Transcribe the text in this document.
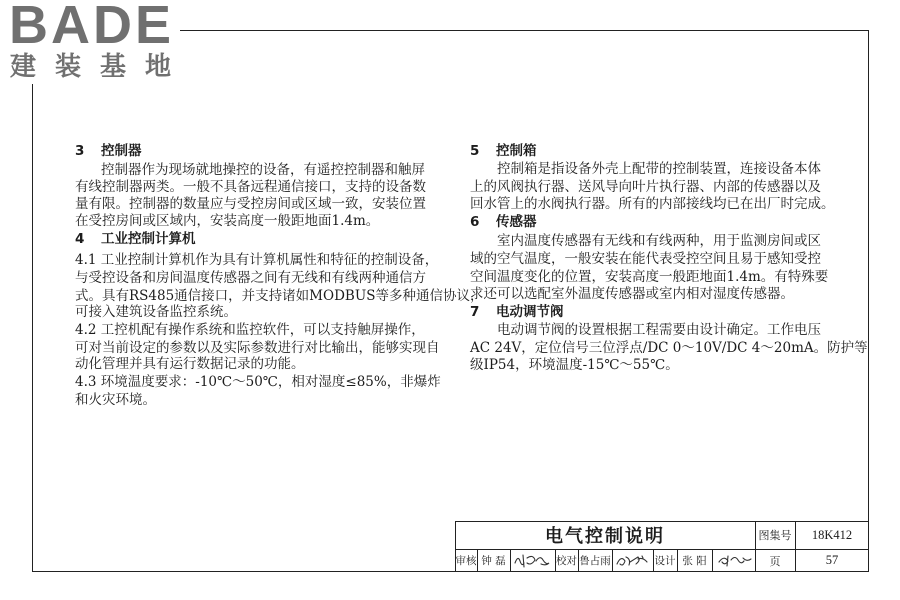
BADE
建装基地
3 控制器
控制器作为现场就地操控的设备，有遥控控制器和触屏
有线控制器两类。一般不具备远程通信接口，支持的设备数
量有限。控制器的数量应与受控房间或区域一致，安装位置
在受控房间或区域内，安装高度一般距地面1.4m。
4 工业控制计算机
4.1 工业控制计算机作为具有计算机属性和特征的控制设备，
与受控设备和房间温度传感器之间有无线和有线两种通信方
式。具有RS485通信接口，并支持诸如MODBUS等多种通信协议，
可接入建筑设备监控系统。
4.2 工控机配有操作系统和监控软件，可以支持触屏操作，
可对当前设定的参数以及实际参数进行对比输出，能够实现自
动化管理并具有运行数据记录的功能。
4.3 环境温度要求：-10℃～50℃，相对湿度≤85%，非爆炸
和火灾环境。
5 控制箱
控制箱是指设备外壳上配带的控制装置，连接设备本体
上的风阀执行器、送风导向叶片执行器、内部的传感器以及
回水管上的水阀执行器。所有的内部接线均已在出厂时完成。
6 传感器
室内温度传感器有无线和有线两种，用于监测房间或区
域的空气温度，一般安装在能代表受控空间且易于感知受控
空间温度变化的位置，安装高度一般距地面1.4m。有特殊要
求还可以选配室外温度传感器或室内相对湿度传感器。
7 电动调节阀
电动调节阀的设置根据工程需要由设计确定。工作电压
AC 24V，定位信号三位浮点/DC 0～10V/DC 4～20mA。防护等
级IP54，环境温度-15℃～55℃。
电气控制说明	图集号	18K412
审核 钟 磊	校对 鲁占雨	设计 张 阳	页	57
